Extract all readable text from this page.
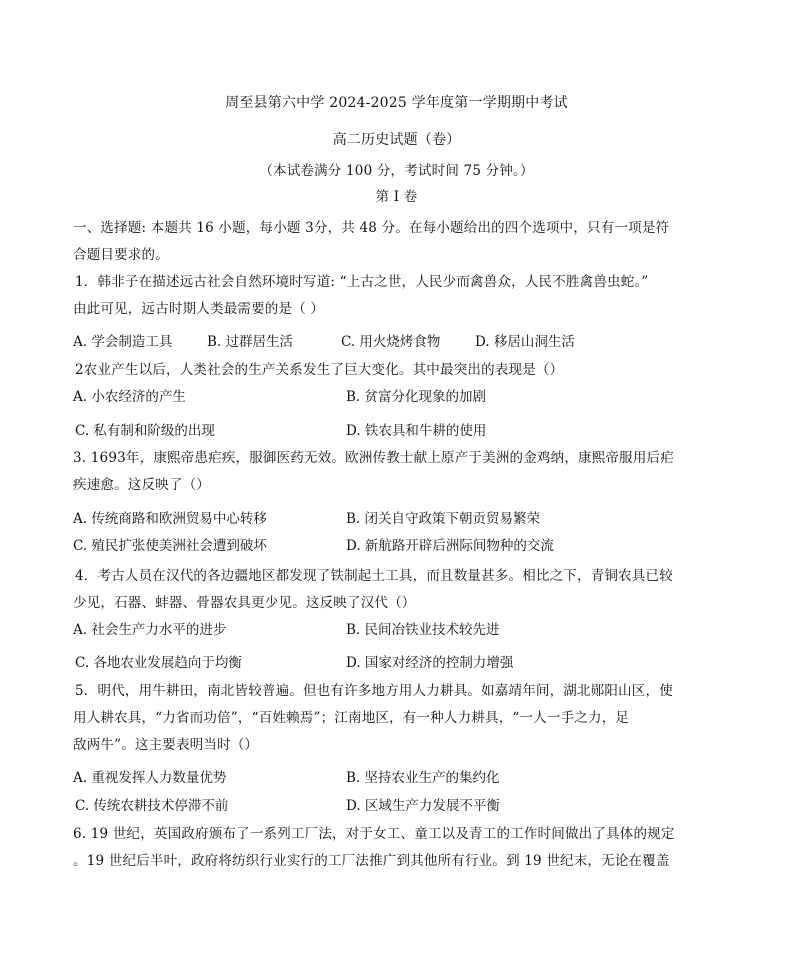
周至县第六中学 2024-2025 学年度第一学期期中考试
高二历史试题（卷）
（本试卷满分 100 分，考试时间 75 分钟。）
第 I 卷
一、选择题: 本题共 16 小题，每小题 3分，共 48 分。在每小题给出的四个选项中，只有一项是符
合题目要求的。
1．韩非子在描述远古社会自然环境时写道: “上古之世，人民少而禽兽众，人民不胜禽兽虫蛇。”
由此可见，远古时期人类最需要的是（ ）
A. 学会制造工具	B. 过群居生活	C. 用火烧烤食物	D. 移居山洞生活
2农业产生以后，人类社会的生产关系发生了巨大变化。其中最突出的表现是（）
A. 小农经济的产生	B. 贫富分化现象的加剧
C. 私有制和阶级的出现	D. 铁农具和牛耕的使用
3. 1693年，康熙帝患疟疾，服御医药无效。欧洲传教士献上原产于美洲的金鸡纳，康熙帝服用后疟
疾速愈。这反映了（）
A. 传统商路和欧洲贸易中心转移	B. 闭关自守政策下朝贡贸易繁荣
C. 殖民扩张使美洲社会遭到破坏	D. 新航路开辟后洲际间物种的交流
4．考古人员在汉代的各边疆地区都发现了铁制起土工具，而且数量甚多。相比之下，青铜农具已较
少见，石器、蚌器、骨器农具更少见。这反映了汉代（）
A. 社会生产力水平的进步	B. 民间冶铁业技术较先进
C. 各地农业发展趋向于均衡	D. 国家对经济的控制力增强
5．明代，用牛耕田，南北皆较普遍。但也有许多地方用人力耕具。如嘉靖年间，湖北郧阳山区，使
用人耕农具，“力省而功倍”，“百姓赖焉”；江南地区，有一种人力耕具，“一人一手之力，足
敌两牛”。这主要表明当时（）
A. 重视发挥人力数量优势	B. 坚持农业生产的集约化
C. 传统农耕技术停滞不前	D. 区域生产力发展不平衡
6. 19 世纪，英国政府颁布了一系列工厂法，对于女工、童工以及青工的工作时间做出了具体的规定
。19 世纪后半叶，政府将纺织行业实行的工厂法推广到其他所有行业。到 19 世纪末，无论在覆盖
